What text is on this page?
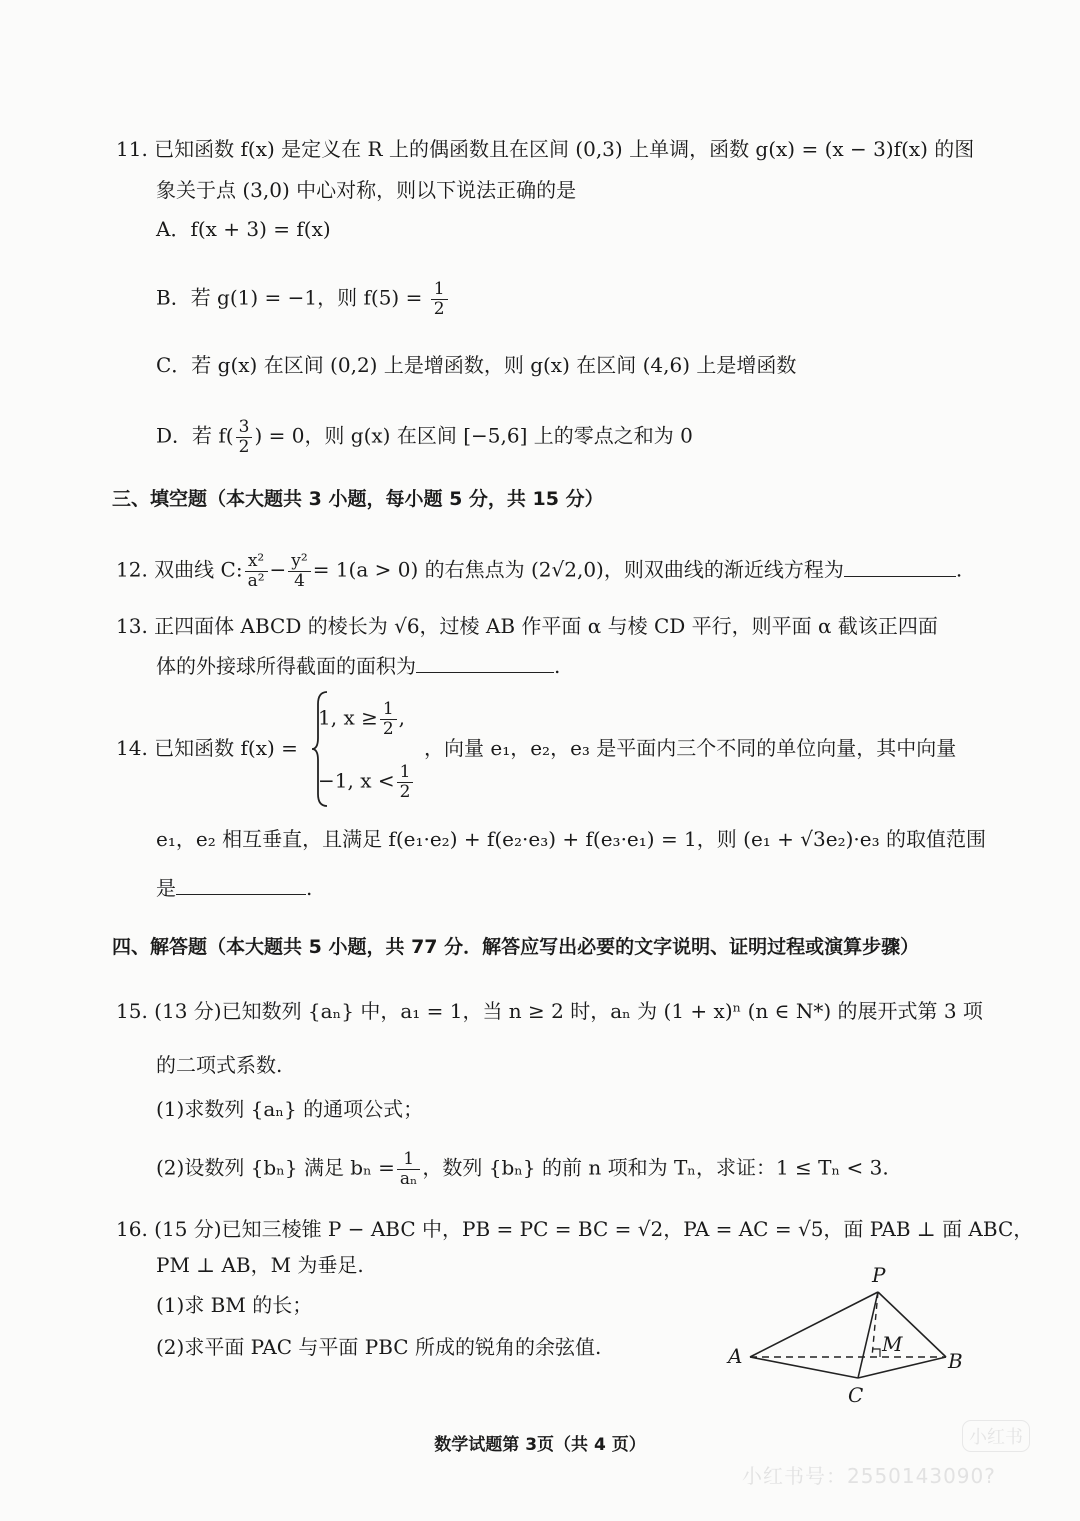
11. 已知函数 f(x) 是定义在 R 上的偶函数且在区间 (0,3) 上单调，函数 g(x) = (x − 3)f(x) 的图
象关于点 (3,0) 中心对称，则以下说法正确的是
A．f(x + 3) = f(x)
B．若 g(1) = −1，则 $f(5) = \frac{1}{2}$
C．若 g(x) 在区间 (0,2) 上是增函数，则 g(x) 在区间 (4,6) 上是增函数
D．若 $f( \frac{3}{2}$ ) = 0，则 g(x) 在区间 [−5,6] 上的零点之和为 0
三、填空题（本大题共 3 小题，每小题 5 分，共 15 分）
12. 双曲线 C: $\frac{\text{x²}}{\text{a²}} - \frac{\text{y²}}{4} = 1(a > 0)$ 的右焦点为 (2√2,0)，则双曲线的渐近线方程为	.
13. 正四面体 ABCD 的棱长为 √6，过棱 AB 作平面 α 与棱 CD 平行，则平面 α 截该正四面
体的外接球所得截面的面积为	.
14. 已知函数 f(x) =
1, $x \ge \frac{1}{2}$ ,
−1, $x < \frac{1}{2}$
，向量 e₁，e₂，e₃ 是平面内三个不同的单位向量，其中向量
e₁，e₂ 相互垂直，且满足 f(e₁·e₂) + f(e₂·e₃) + f(e₃·e₁) = 1，则 (e₁ + √3e₂)·e₃ 的取值范围
是	.
四、解答题（本大题共 5 小题，共 77 分．解答应写出必要的文字说明、证明过程或演算步骤）
15. (13 分)已知数列 {aₙ} 中，a₁ = 1，当 n ≥ 2 时，aₙ 为 (1 + x)ⁿ (n ∈ N*) 的展开式第 3 项
的二项式系数.
(1)求数列 {aₙ} 的通项公式；
(2)设数列 {bₙ} 满足 $b_n = \frac{1}{\text{aₙ}}$ ，数列 {bₙ} 的前 n 项和为 Tₙ，求证：1 ≤ Tₙ < 3.
16. (15 分)已知三棱锥 P − ABC 中，PB = PC = BC = √2，PA = AC = √5，面 PAB ⊥ 面 ABC，
PM ⊥ AB，M 为垂足.
(1)求 BM 的长；
(2)求平面 PAC 与平面 PBC 所成的锐角的余弦值.
P
A	B
C
M
数学试题第 3页（共 4 页）	小红书
小红书号：2550143090?
